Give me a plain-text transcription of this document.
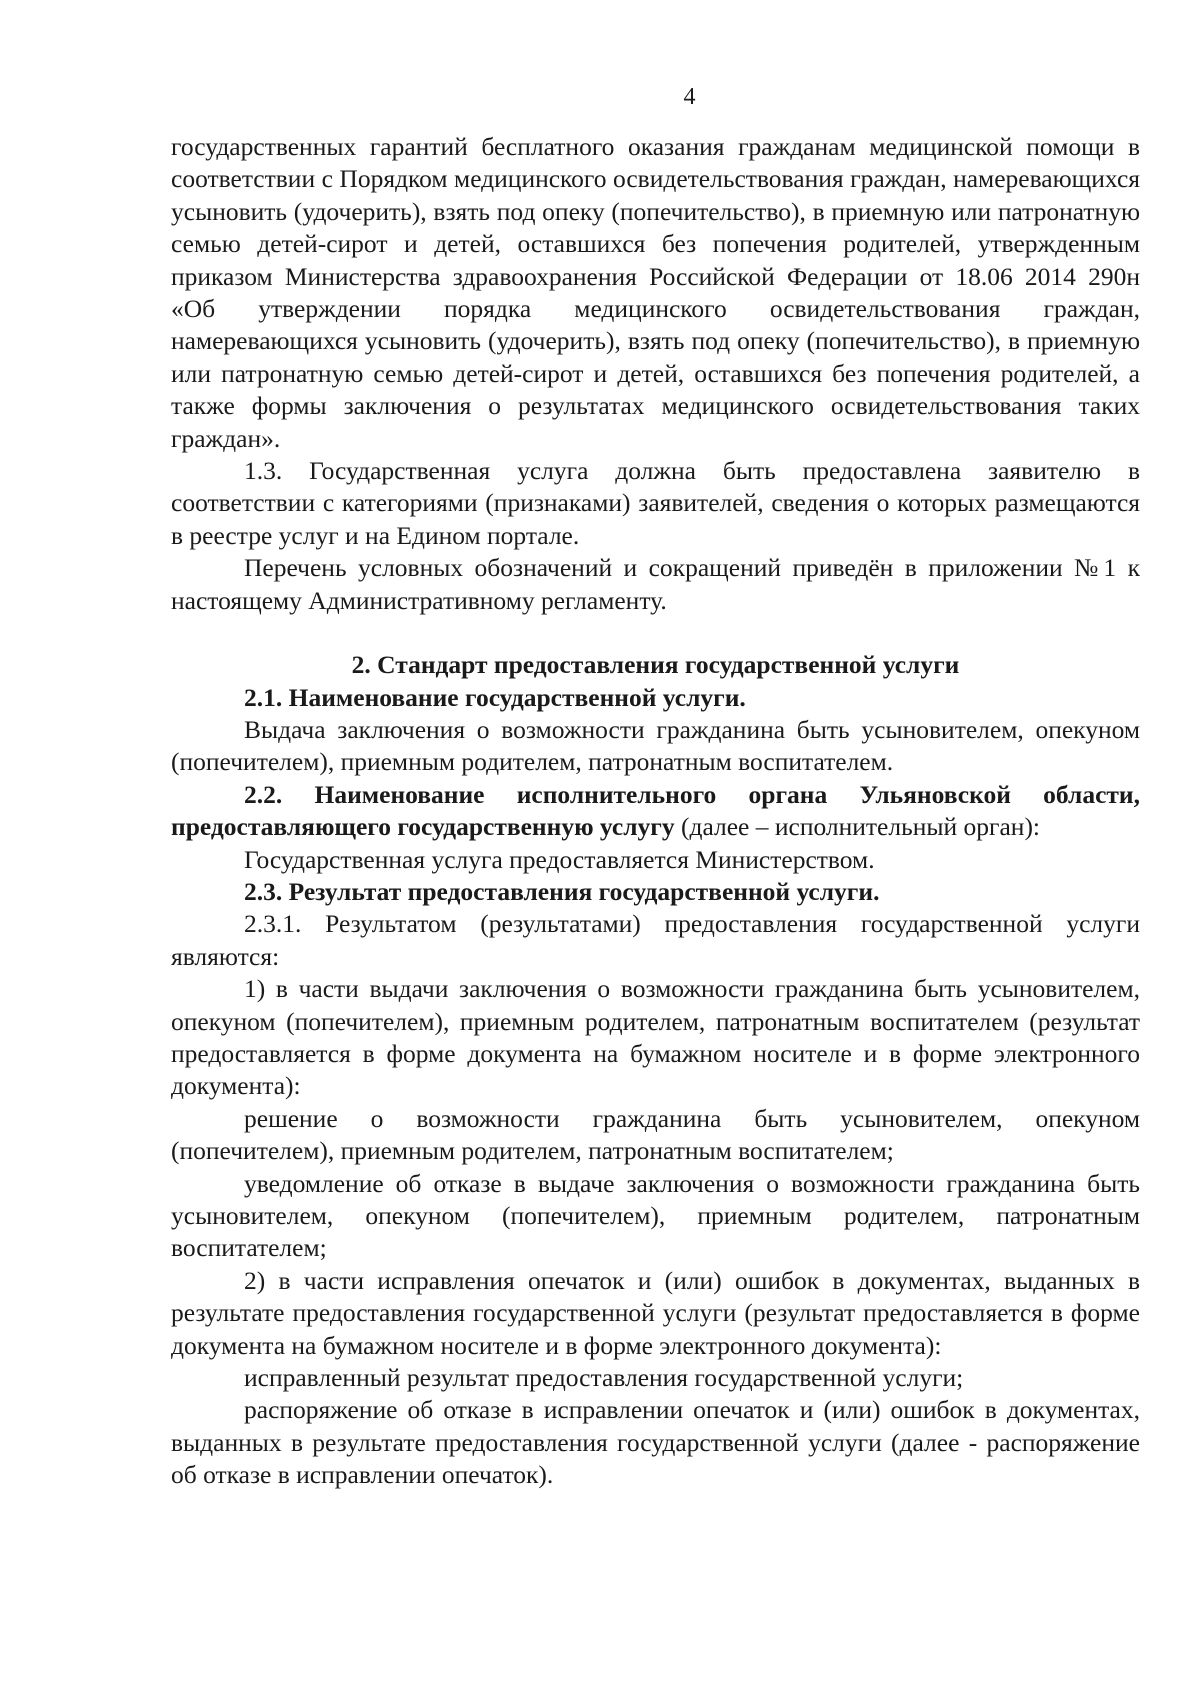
4

государственных гарантий бесплатного оказания гражданам медицинской помощи в соответствии с Порядком медицинского освидетельствования граждан, намеревающихся усыновить (удочерить), взять под опеку (попечительство), в приемную или патронатную семью детей-сирот и детей, оставшихся без попечения родителей, утвержденным приказом Министерства здравоохранения Российской Федерации от 18.06 2014 290н «Об утверждении порядка медицинского освидетельствования граждан, намеревающихся усыновить (удочерить), взять под опеку (попечительство), в приемную или патронатную семью детей-сирот и детей, оставшихся без попечения родителей, а также формы заключения о результатах медицинского освидетельствования таких граждан».

1.3. Государственная услуга должна быть предоставлена заявителю в соответствии с категориями (признаками) заявителей, сведения о которых размещаются в реестре услуг и на Едином портале.

Перечень условных обозначений и сокращений приведён в приложении №1 к настоящему Административному регламенту.

2. Стандарт предоставления государственной услуги

2.1. Наименование государственной услуги.

Выдача заключения о возможности гражданина быть усыновителем, опекуном (попечителем), приемным родителем, патронатным воспитателем.

2.2. Наименование исполнительного органа Ульяновской области, предоставляющего государственную услугу (далее – исполнительный орган):

Государственная услуга предоставляется Министерством.

2.3. Результат предоставления государственной услуги.

2.3.1. Результатом (результатами) предоставления государственной услуги являются:

1) в части выдачи заключения о возможности гражданина быть усыновителем, опекуном (попечителем), приемным родителем, патронатным воспитателем (результат предоставляется в форме документа на бумажном носителе и в форме электронного документа):

решение о возможности гражданина быть усыновителем, опекуном (попечителем), приемным родителем, патронатным воспитателем;

уведомление об отказе в выдаче заключения о возможности гражданина быть усыновителем, опекуном (попечителем), приемным родителем, патронатным воспитателем;

2) в части исправления опечаток и (или) ошибок в документах, выданных в результате предоставления государственной услуги (результат предоставляется в форме документа на бумажном носителе и в форме электронного документа):

исправленный результат предоставления государственной услуги;

распоряжение об отказе в исправлении опечаток и (или) ошибок в документах, выданных в результате предоставления государственной услуги (далее - распоряжение об отказе в исправлении опечаток).
